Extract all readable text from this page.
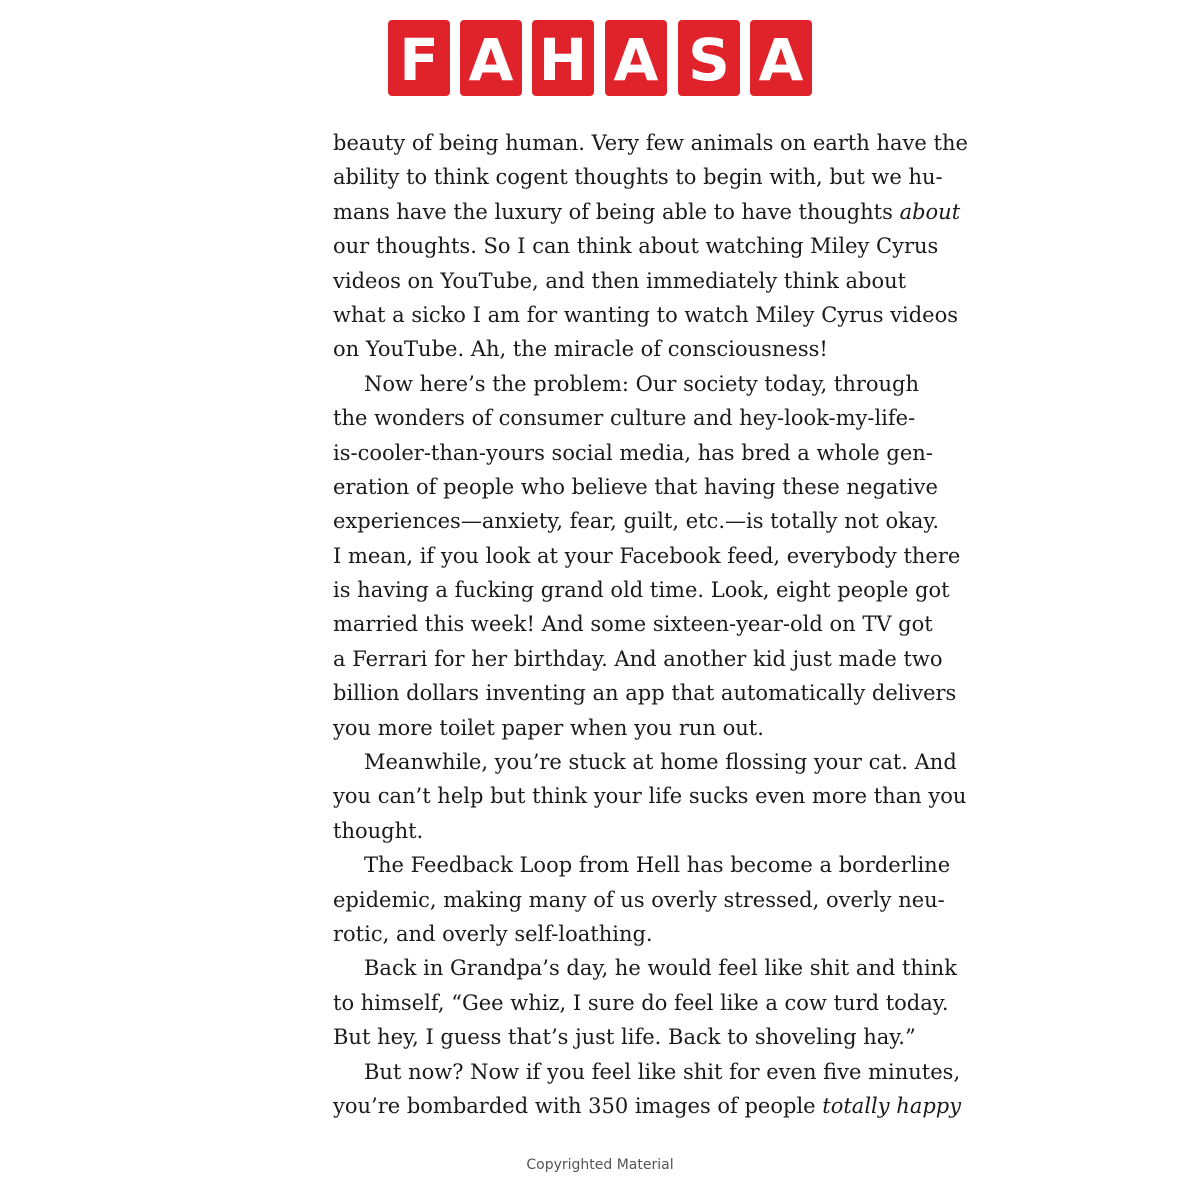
F A H A S A
beauty of being human. Very few animals on earth have the
ability to think cogent thoughts to begin with, but we hu-
mans have the luxury of being able to have thoughts about
our thoughts. So I can think about watching Miley Cyrus
videos on YouTube, and then immediately think about
what a sicko I am for wanting to watch Miley Cyrus videos
on YouTube. Ah, the miracle of consciousness!
Now here’s the problem: Our society today, through
the wonders of consumer culture and hey-look-my-life-
is-cooler-than-yours social media, has bred a whole gen-
eration of people who believe that having these negative
experiences—anxiety, fear, guilt, etc.—is totally not okay.
I mean, if you look at your Facebook feed, everybody there
is having a fucking grand old time. Look, eight people got
married this week! And some sixteen-year-old on TV got
a Ferrari for her birthday. And another kid just made two
billion dollars inventing an app that automatically delivers
you more toilet paper when you run out.
Meanwhile, you’re stuck at home flossing your cat. And
you can’t help but think your life sucks even more than you
thought.
The Feedback Loop from Hell has become a borderline
epidemic, making many of us overly stressed, overly neu-
rotic, and overly self-loathing.
Back in Grandpa’s day, he would feel like shit and think
to himself, “Gee whiz, I sure do feel like a cow turd today.
But hey, I guess that’s just life. Back to shoveling hay.”
But now? Now if you feel like shit for even five minutes,
you’re bombarded with 350 images of people totally happy
Copyrighted Material
